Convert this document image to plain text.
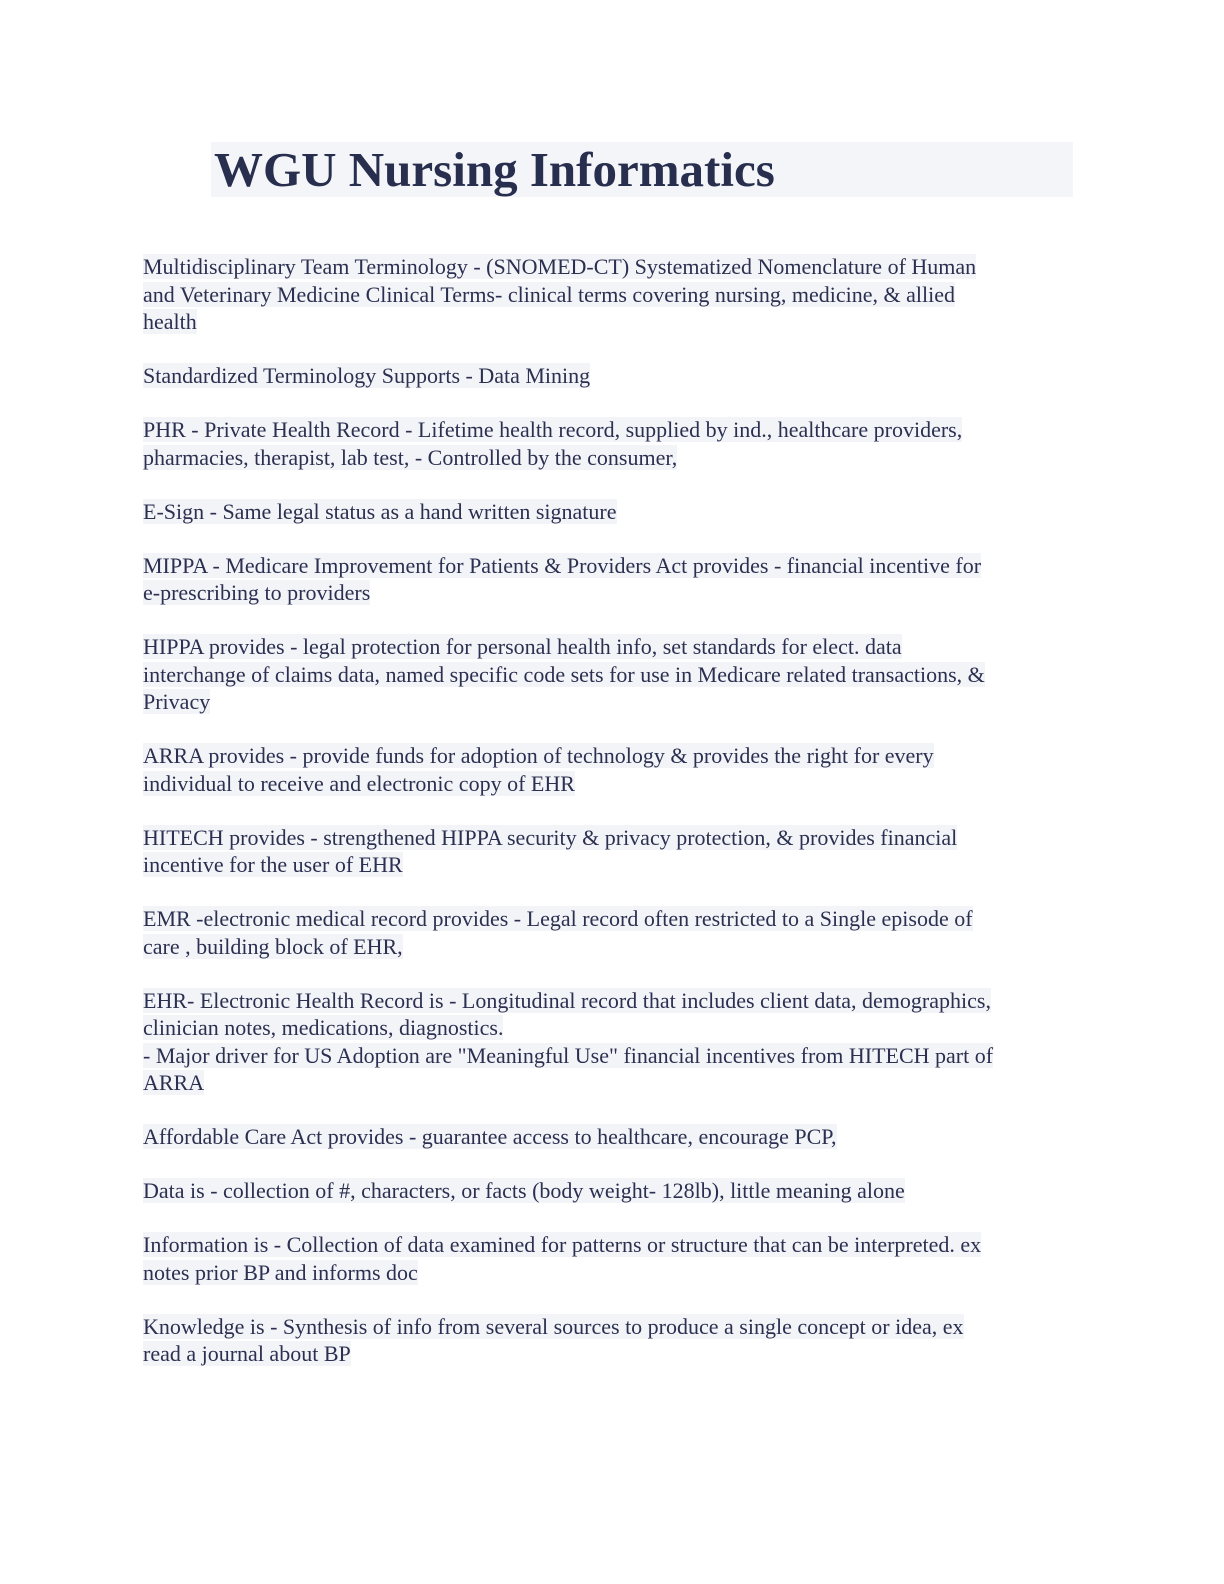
WGU Nursing Informatics
Multidisciplinary Team Terminology - (SNOMED-CT) Systematized Nomenclature of Human
and Veterinary Medicine Clinical Terms- clinical terms covering nursing, medicine, & allied
health
Standardized Terminology Supports - Data Mining
PHR - Private Health Record - Lifetime health record, supplied by ind., healthcare providers,
pharmacies, therapist, lab test, - Controlled by the consumer,
E-Sign - Same legal status as a hand written signature
MIPPA - Medicare Improvement for Patients & Providers Act provides - financial incentive for
e-prescribing to providers
HIPPA provides - legal protection for personal health info, set standards for elect. data
interchange of claims data, named specific code sets for use in Medicare related transactions, &
Privacy
ARRA provides - provide funds for adoption of technology & provides the right for every
individual to receive and electronic copy of EHR
HITECH provides - strengthened HIPPA security & privacy protection, & provides financial
incentive for the user of EHR
EMR -electronic medical record provides - Legal record often restricted to a Single episode of
care , building block of EHR,
EHR- Electronic Health Record is - Longitudinal record that includes client data, demographics,
clinician notes, medications, diagnostics.
- Major driver for US Adoption are "Meaningful Use" financial incentives from HITECH part of
ARRA
Affordable Care Act provides - guarantee access to healthcare, encourage PCP,
Data is - collection of #, characters, or facts (body weight- 128lb), little meaning alone
Information is - Collection of data examined for patterns or structure that can be interpreted. ex
notes prior BP and informs doc
Knowledge is - Synthesis of info from several sources to produce a single concept or idea, ex
read a journal about BP
